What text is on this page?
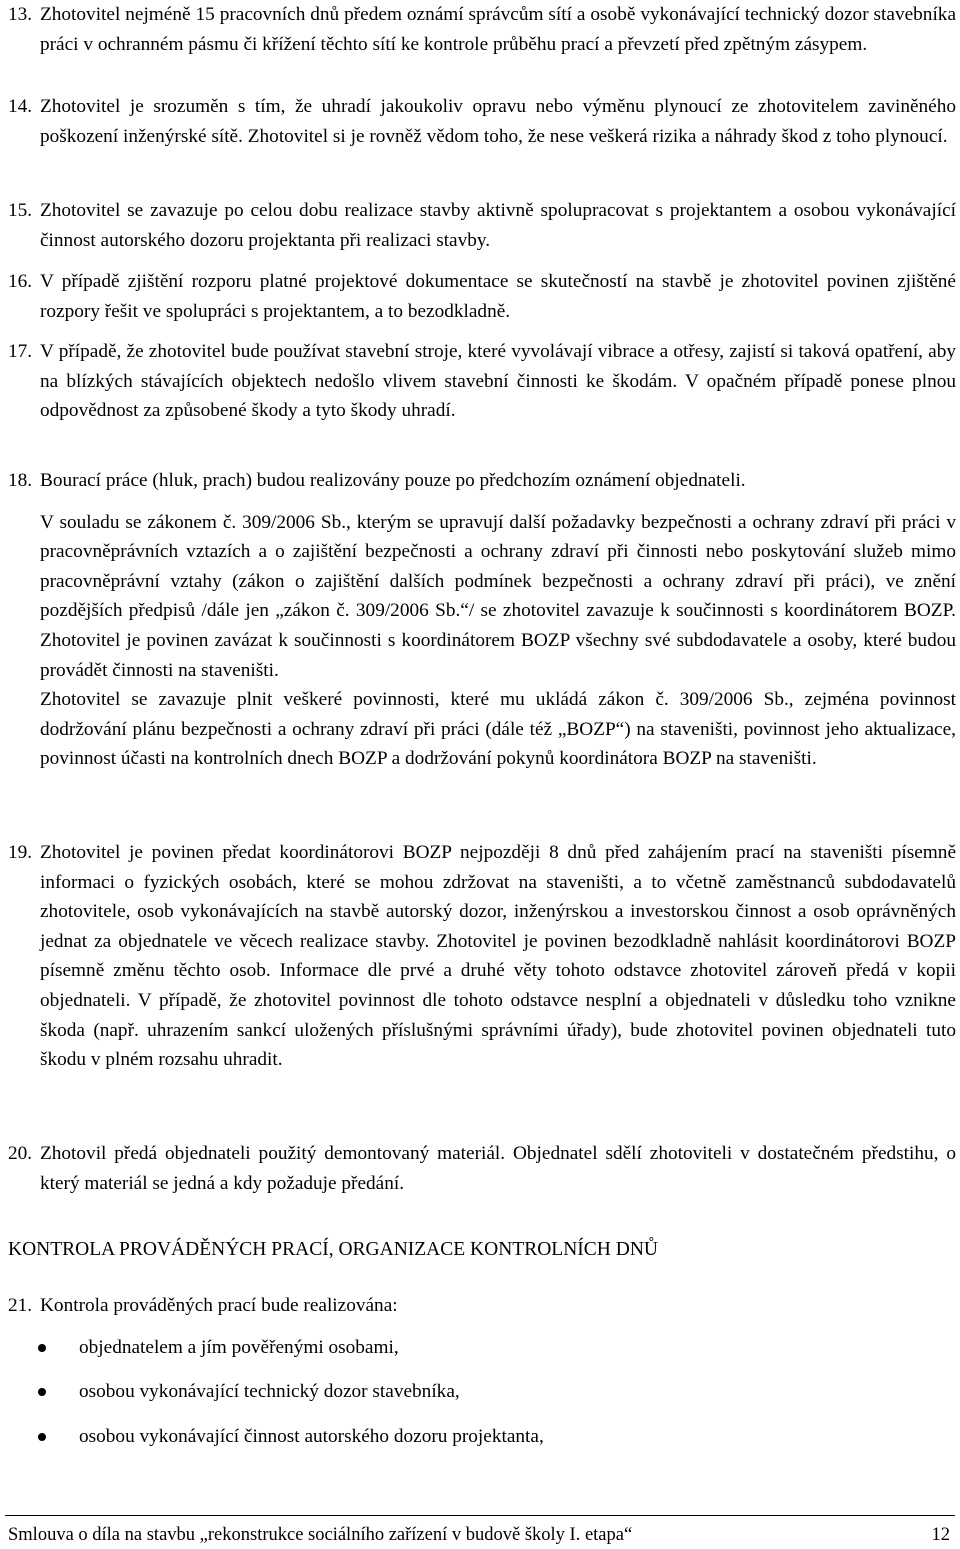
13. Zhotovitel nejméně 15 pracovních dnů předem oznámí správcům sítí a osobě vykonávající technický dozor stavebníka práci v ochranném pásmu či křížení těchto sítí ke kontrole průběhu prací a převzetí před zpětným zásypem.

14. Zhotovitel je srozuměn s tím, že uhradí jakoukoliv opravu nebo výměnu plynoucí ze zhotovitelem zaviněného poškození inženýrské sítě. Zhotovitel si je rovněž vědom toho, že nese veškerá rizika a náhrady škod z toho plynoucí.

15. Zhotovitel se zavazuje po celou dobu realizace stavby aktivně spolupracovat s projektantem a osobou vykonávající činnost autorského dozoru projektanta při realizaci stavby.

16. V případě zjištění rozporu platné projektové dokumentace se skutečností na stavbě je zhotovitel povinen zjištěné rozpory řešit ve spolupráci s projektantem, a to bezodkladně.

17. V případě, že zhotovitel bude používat stavební stroje, které vyvolávají vibrace a otřesy, zajistí si taková opatření, aby na blízkých stávajících objektech nedošlo vlivem stavební činnosti ke škodám. V opačném případě ponese plnou odpovědnost za způsobené škody a tyto škody uhradí.

18. Bourací práce (hluk, prach) budou realizovány pouze po předchozím oznámení objednateli.

V souladu se zákonem č. 309/2006 Sb., kterým se upravují další požadavky bezpečnosti a ochrany zdraví při práci v pracovněprávních vztazích a o zajištění bezpečnosti a ochrany zdraví při činnosti nebo poskytování služeb mimo pracovněprávní vztahy (zákon o zajištění dalších podmínek bezpečnosti a ochrany zdraví při práci), ve znění pozdějších předpisů /dále jen „zákon č. 309/2006 Sb.“/ se zhotovitel zavazuje k součinnosti s koordinátorem BOZP. Zhotovitel je povinen zavázat k součinnosti s koordinátorem BOZP všechny své subdodavatele a osoby, které budou provádět činnosti na staveništi.

Zhotovitel se zavazuje plnit veškeré povinnosti, které mu ukládá zákon č. 309/2006 Sb., zejména povinnost dodržování plánu bezpečnosti a ochrany zdraví při práci (dále též „BOZP“) na staveništi, povinnost jeho aktualizace, povinnost účasti na kontrolních dnech BOZP a dodržování pokynů koordinátora BOZP na staveništi.

19. Zhotovitel je povinen předat koordinátorovi BOZP nejpozději 8 dnů před zahájením prací na staveništi písemně informaci o fyzických osobách, které se mohou zdržovat na staveništi, a to včetně zaměstnanců subdodavatelů zhotovitele, osob vykonávajících na stavbě autorský dozor, inženýrskou a investorskou činnost a osob oprávněných jednat za objednatele ve věcech realizace stavby. Zhotovitel je povinen bezodkladně nahlásit koordinátorovi BOZP písemně změnu těchto osob. Informace dle prvé a druhé věty tohoto odstavce zhotovitel zároveň předá v kopii objednateli. V případě, že zhotovitel povinnost dle tohoto odstavce nesplní a objednateli v důsledku toho vznikne škoda (např. uhrazením sankcí uložených příslušnými správními úřady), bude zhotovitel povinen objednateli tuto škodu v plném rozsahu uhradit.

20. Zhotovil předá objednateli použitý demontovaný materiál. Objednatel sdělí zhotoviteli v dostatečném předstihu, o který materiál se jedná a kdy požaduje předání.

KONTROLA PROVÁDĚNÝCH PRACÍ, ORGANIZACE KONTROLNÍCH DNŮ
21. Kontrola prováděných prací bude realizována:
objednatelem a jím pověřenými osobami,
osobou vykonávající technický dozor stavebníka,
osobou vykonávající činnost autorského dozoru projektanta,
Smlouva o díla na stavbu „rekonstrukce sociálního zařízení v budově školy I. etapa“	12
